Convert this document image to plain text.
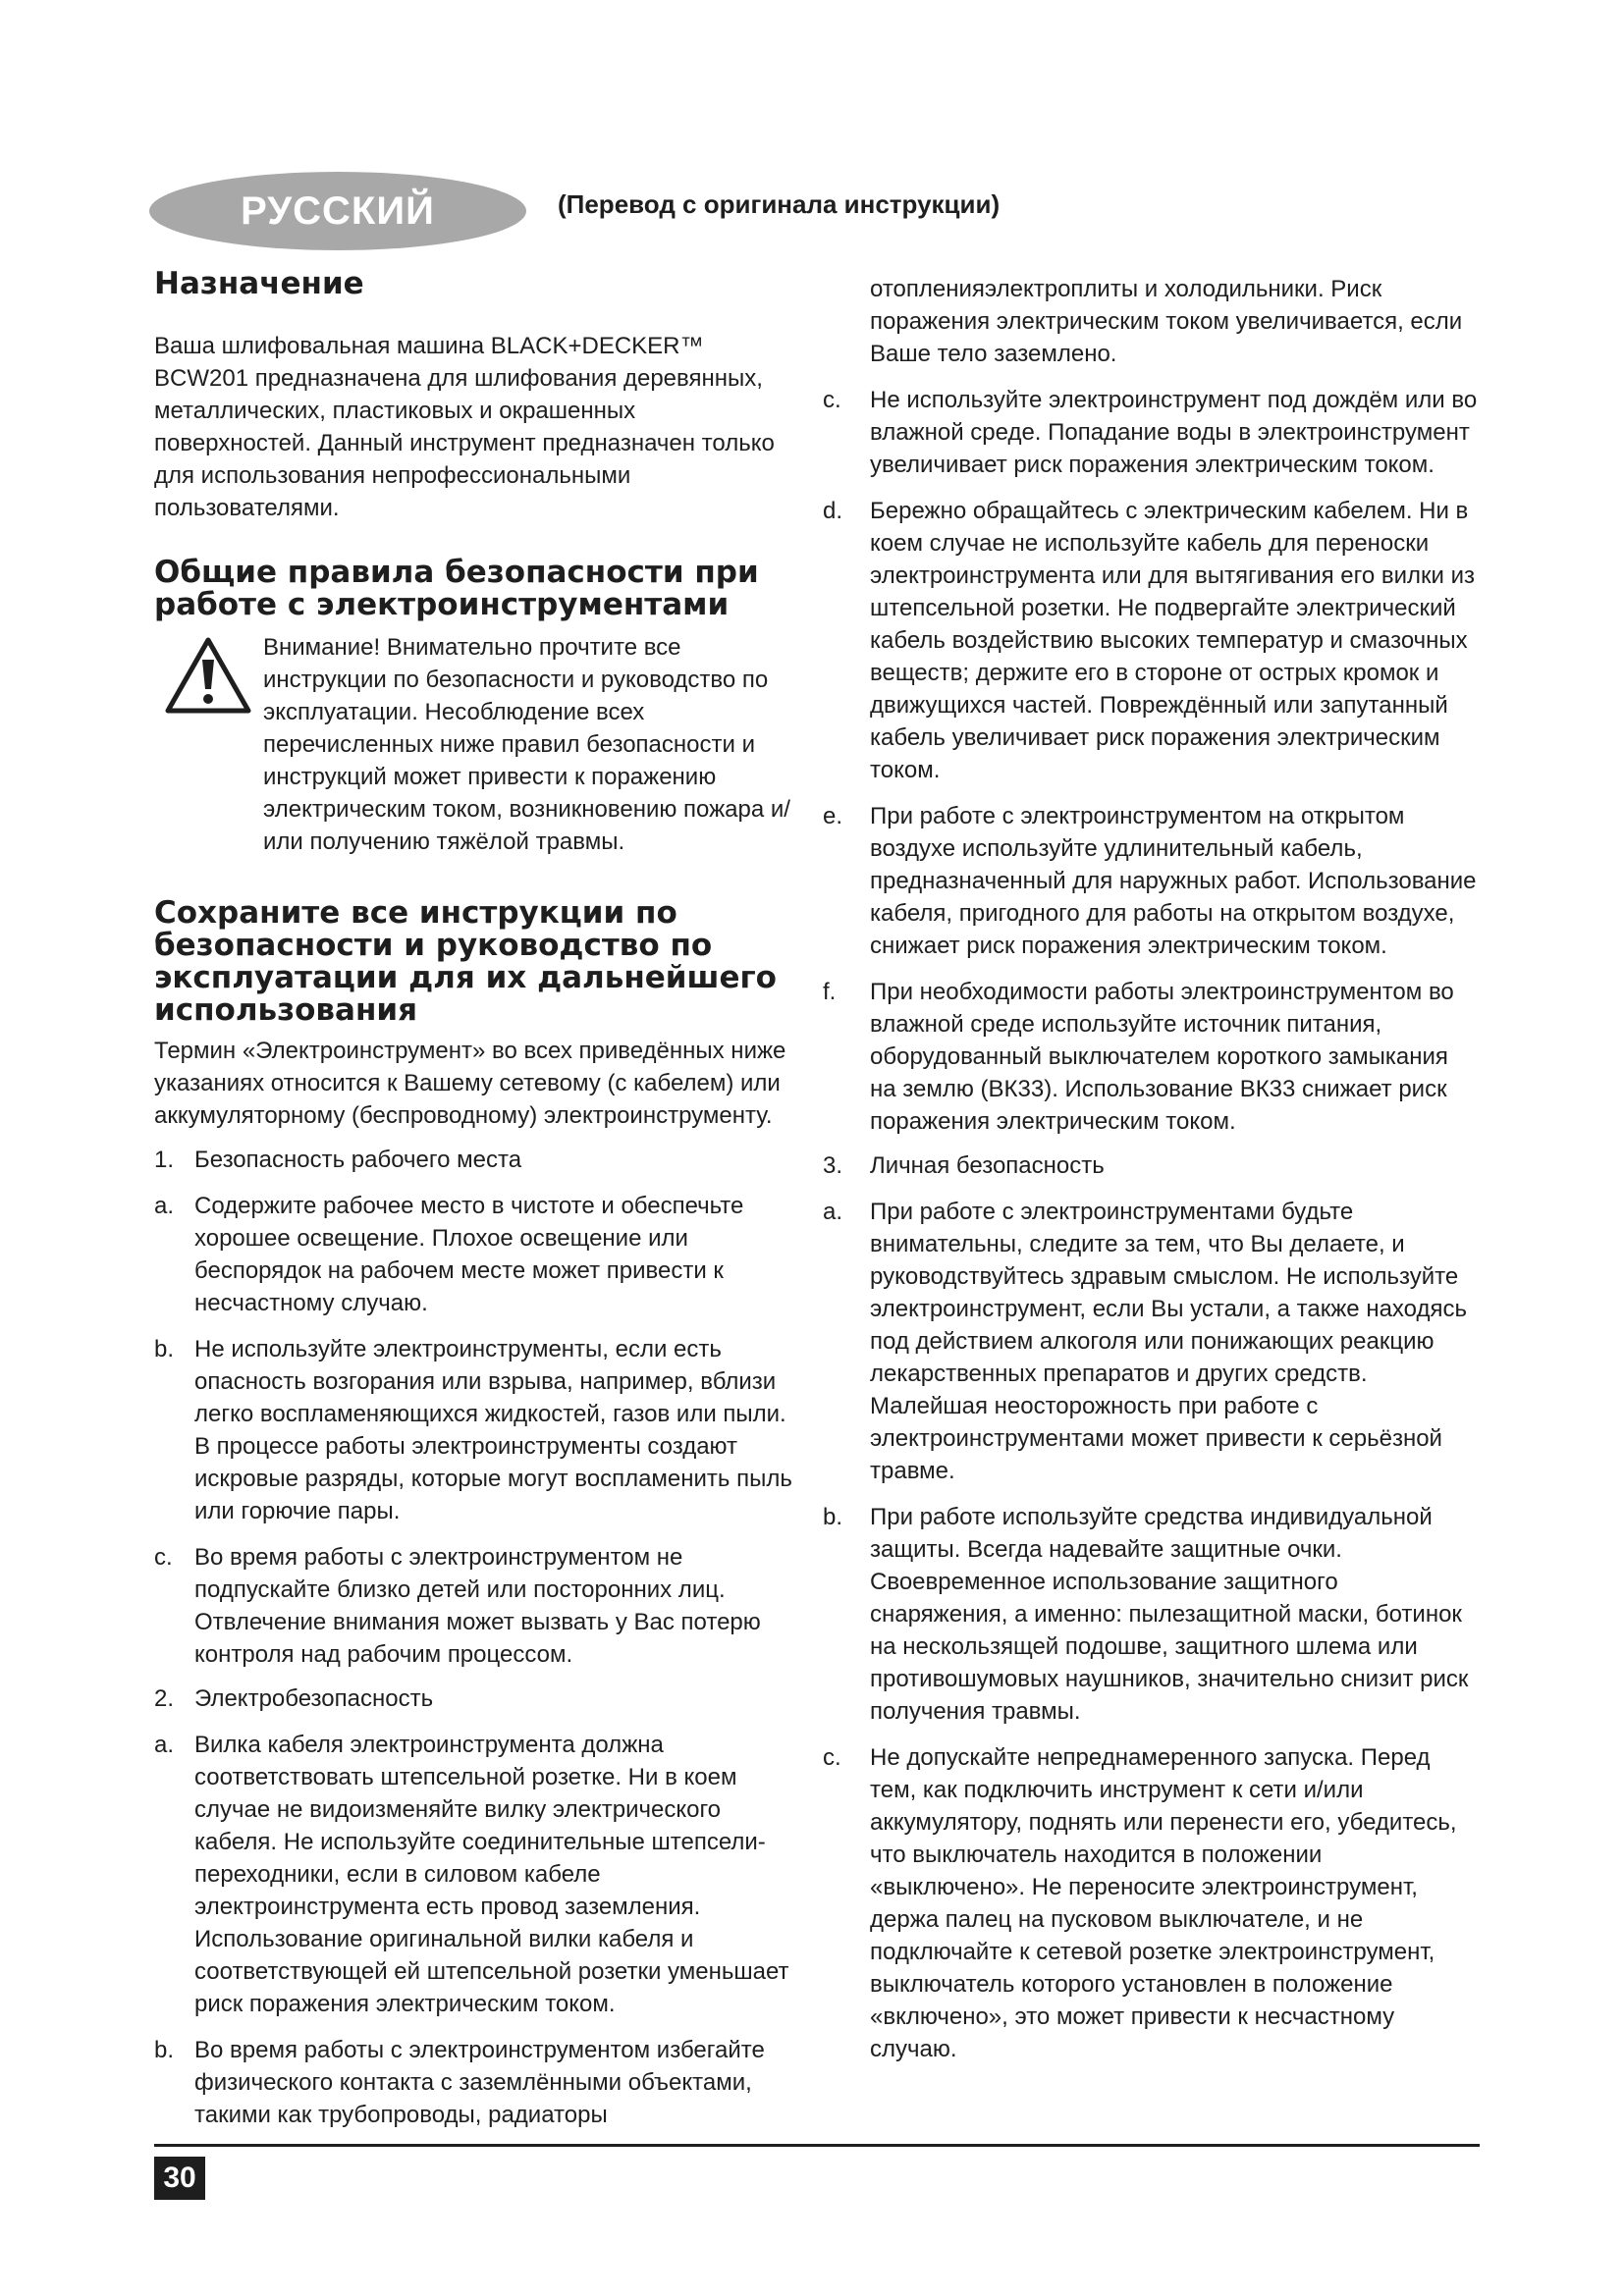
РУССКИЙ	(Перевод с оригинала инструкции)
Назначение

Ваша шлифовальная машина BLACK+DECKER™ BCW201 предназначена для шлифования деревянных, металлических, пластиковых и окрашенных поверхностей. Данный инструмент предназначен только для использования непрофессиональными пользователями.

Общие правила безопасности при работе с электроинструментами

Внимание! Внимательно прочтите все инструкции по безопасности и руководство по эксплуатации. Несоблюдение всех перечисленных ниже правил безопасности и инструкций может привести к поражению электрическим током, возникновению пожара и/или получению тяжёлой травмы.

Сохраните все инструкции по безопасности и руководство по эксплуатации для их дальнейшего использования

Термин «Электроинструмент» во всех приведённых ниже указаниях относится к Вашему сетевому (с кабелем) или аккумуляторному (беспроводному) электроинструменту.

1. Безопасность рабочего места
a. Содержите рабочее место в чистоте и обеспечьте хорошее освещение. Плохое освещение или беспорядок на рабочем месте может привести к несчастному случаю.

b. Не используйте электроинструменты, если есть опасность возгорания или взрыва, например, вблизи легко воспламеняющихся жидкостей, газов или пыли. В процессе работы электроинструменты создают искровые разряды, которые могут воспламенить пыль или горючие пары.

c. Во время работы с электроинструментом не подпускайте близко детей или посторонних лиц. Отвлечение внимания может вызвать у Вас потерю контроля над рабочим процессом.

2. Электробезопасность
a. Вилка кабеля электроинструмента должна соответствовать штепсельной розетке. Ни в коем случае не видоизменяйте вилку электрического кабеля. Не используйте соединительные штепсели-переходники, если в силовом кабеле электроинструмента есть провод заземления. Использование оригинальной вилки кабеля и соответствующей ей штепсельной розетки уменьшает риск поражения электрическим током.

b. Во время работы с электроинструментом избегайте физического контакта с заземлёнными объектами, такими как трубопроводы, радиаторы

отопленияэлектроплиты и холодильники. Риск поражения электрическим током увеличивается, если Ваше тело заземлено.

c. Не используйте электроинструмент под дождём или во влажной среде. Попадание воды в электроинструмент увеличивает риск поражения электрическим током.

d. Бережно обращайтесь с электрическим кабелем. Ни в коем случае не используйте кабель для переноски электроинструмента или для вытягивания его вилки из штепсельной розетки. Не подвергайте электрический кабель воздействию высоких температур и смазочных веществ; держите его в стороне от острых кромок и движущихся частей. Повреждённый или запутанный кабель увеличивает риск поражения электрическим током.

e. При работе с электроинструментом на открытом воздухе используйте удлинительный кабель, предназначенный для наружных работ. Использование кабеля, пригодного для работы на открытом воздухе, снижает риск поражения электрическим током.

f. При необходимости работы электроинструментом во влажной среде используйте источник питания, оборудованный выключателем короткого замыкания на землю (ВК33). Использование ВК33 снижает риск поражения электрическим током.

3. Личная безопасность
a. При работе с электроинструментами будьте внимательны, следите за тем, что Вы делаете, и руководствуйтесь здравым смыслом. Не используйте электроинструмент, если Вы устали, а также находясь под действием алкоголя или понижающих реакцию лекарственных препаратов и других средств. Малейшая неосторожность при работе с электроинструментами может привести к серьёзной травме.

b. При работе используйте средства индивидуальной защиты. Всегда надевайте защитные очки. Своевременное использование защитного снаряжения, а именно: пылезащитной маски, ботинок на нескользящей подошве, защитного шлема или противошумовых наушников, значительно снизит риск получения травмы.

c. Не допускайте непреднамеренного запуска. Перед тем, как подключить инструмент к сети и/или аккумулятору, поднять или перенести его, убедитесь, что выключатель находится в положении «выключено». Не переносите электроинструмент, держа палец на пусковом выключателе, и не подключайте к сетевой розетке электроинструмент, выключатель которого установлен в положение «включено», это может привести к несчастному случаю.

30
